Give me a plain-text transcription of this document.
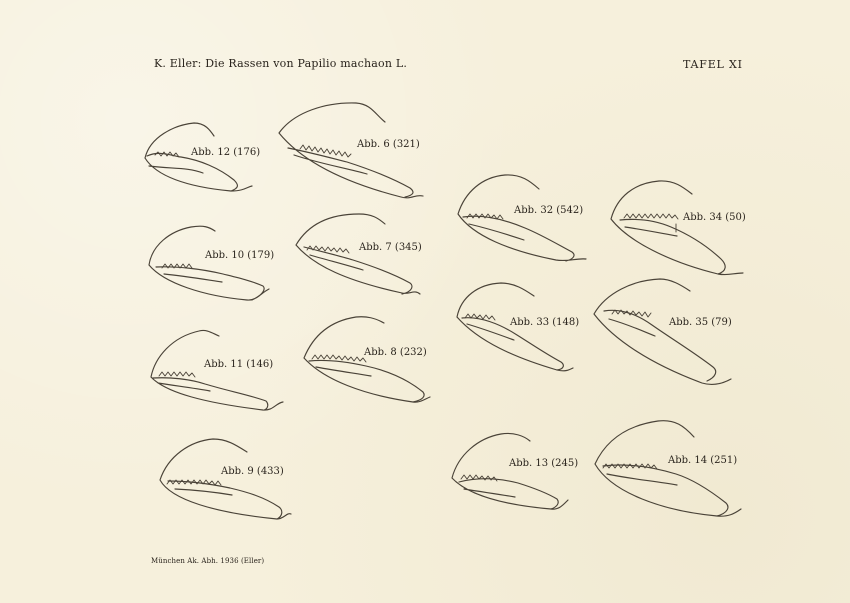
K. Eller: Die Rassen von Papilio machaon L.	TAFEL XI
Abb. 12 (176)
Abb. 6 (321)
Abb. 10 (179)
Abb. 7 (345)
Abb. 11 (146)
Abb. 8 (232)
Abb. 9 (433)
Abb. 32 (542)
Abb. 34 (50)
Abb. 33 (148)	Abb. 35 (79)
Abb. 13 (245)	Abb. 14 (251)
München Ak. Abh. 1936 (Eller)
